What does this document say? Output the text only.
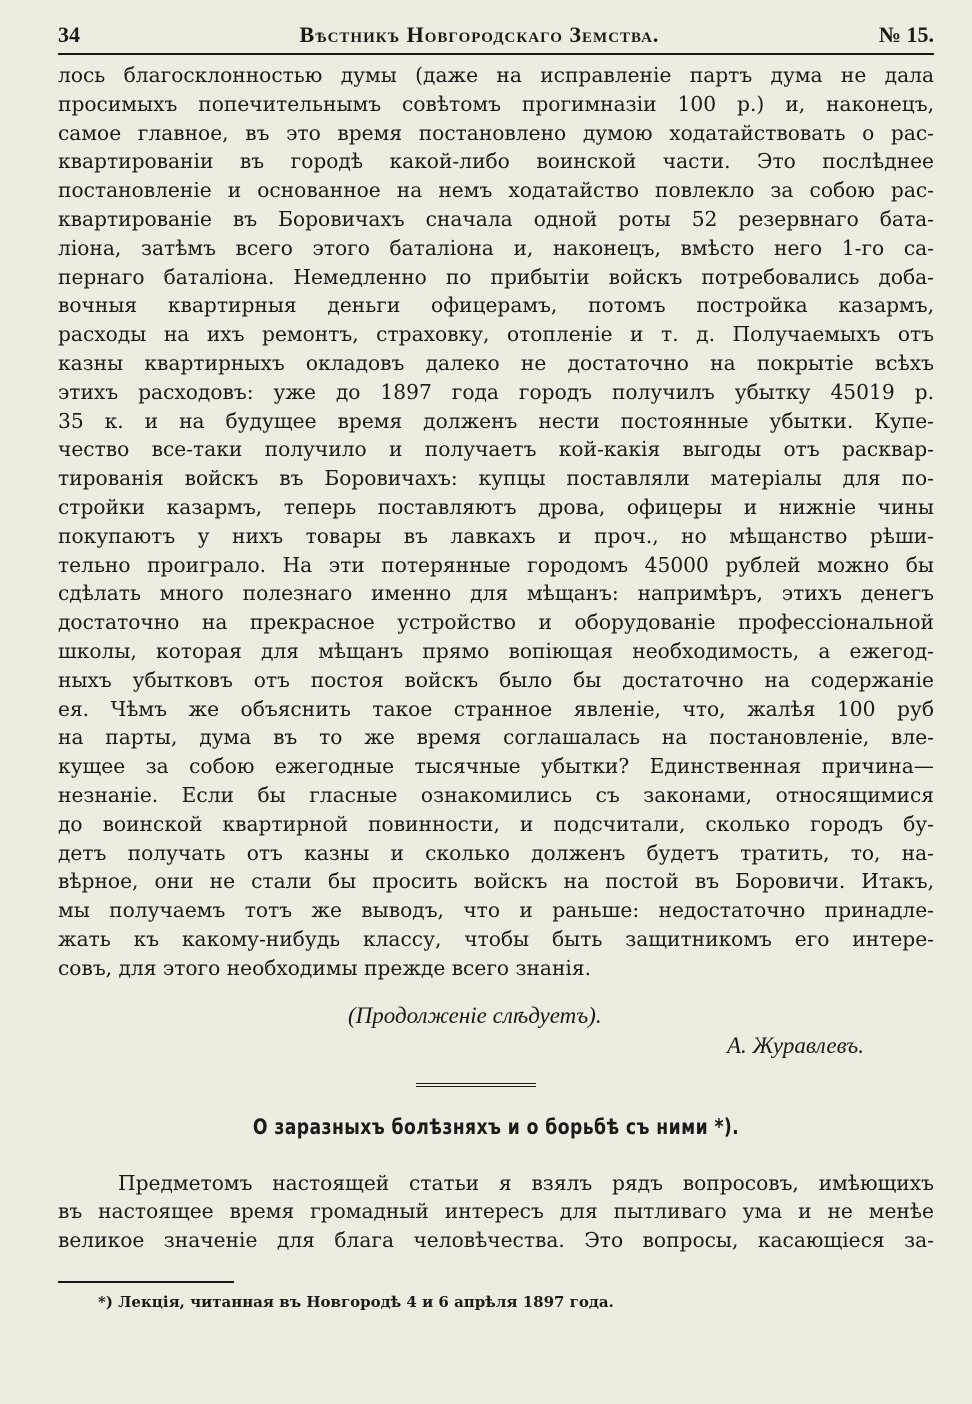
34	Вѣстникъ Новгородскаго Земства.	№ 15.
лось благосклонностью думы (даже на исправленіе партъ дума не дала
просимыхъ попечительнымъ совѣтомъ прогимназіи 100 р.) и, наконецъ,
самое главное, въ это время постановлено думою ходатайствовать о рас-
квартированіи въ городѣ какой-либо воинской части. Это послѣднее
постановленіе и основанное на немъ ходатайство повлекло за собою рас-
квартированіе въ Боровичахъ сначала одной роты 52 резервнаго бата-
ліона, затѣмъ всего этого баталіона и, наконецъ, вмѣсто него 1-го са-
пернаго баталіона. Немедленно по прибытіи войскъ потребовались доба-
вочныя квартирныя деньги офицерамъ, потомъ постройка казармъ,
расходы на ихъ ремонтъ, страховку, отопленіе и т. д. Получаемыхъ отъ
казны квартирныхъ окладовъ далеко не достаточно на покрытіе всѣхъ
этихъ расходовъ: уже до 1897 года городъ получилъ убытку 45019 р.
35 к. и на будущее время долженъ нести постоянные убытки. Купе-
чество все-таки получило и получаетъ кой-какія выгоды отъ расквар-
тированія войскъ въ Боровичахъ: купцы поставляли матеріалы для по-
стройки казармъ, теперь поставляютъ дрова, офицеры и нижніе чины
покупаютъ у нихъ товары въ лавкахъ и проч., но мѣщанство рѣши-
тельно проиграло. На эти потерянные городомъ 45000 рублей можно бы
сдѣлать много полезнаго именно для мѣщанъ: напримѣръ, этихъ денегъ
достаточно на прекрасное устройство и оборудованіе професcіональной
школы, которая для мѣщанъ прямо вопіющая необходимость, а ежегод-
ныхъ убытковъ отъ постоя войскъ было бы достаточно на содержаніе
ея. Чѣмъ же объяснить такое странное явленіе, что, жалѣя 100 руб
на парты, дума въ то же время соглашалась на постановленіе, вле-
кущее за собою ежегодные тысячные убытки? Единственная причина—
незнаніе. Если бы гласные ознакомились съ законами, относящимися
до воинской квартирной повинности, и подсчитали, сколько городъ бу-
детъ получать отъ казны и сколько долженъ будетъ тратить, то, на-
вѣрное, они не стали бы просить войскъ на постой въ Боровичи. Итакъ,
мы получаемъ тотъ же выводъ, что и раньше: недостаточно принадле-
жать къ какому-нибудь классу, чтобы быть защитникомъ его интере-
совъ, для этого необходимы прежде всего знанія.
(Продолженіе слѣдуетъ).
А. Журавлевъ.
О заразныхъ болѣзняхъ и о борьбѣ съ ними *).
Предметомъ настоящей статьи я взялъ рядъ вопросовъ, имѣющихъ
въ настоящее время громадный интересъ для пытливаго ума и не менѣе
великое значеніе для блага человѣчества. Это вопросы, касающіеся за-
*) Лекція, читанная въ Новгородѣ 4 и 6 апрѣля 1897 года.
